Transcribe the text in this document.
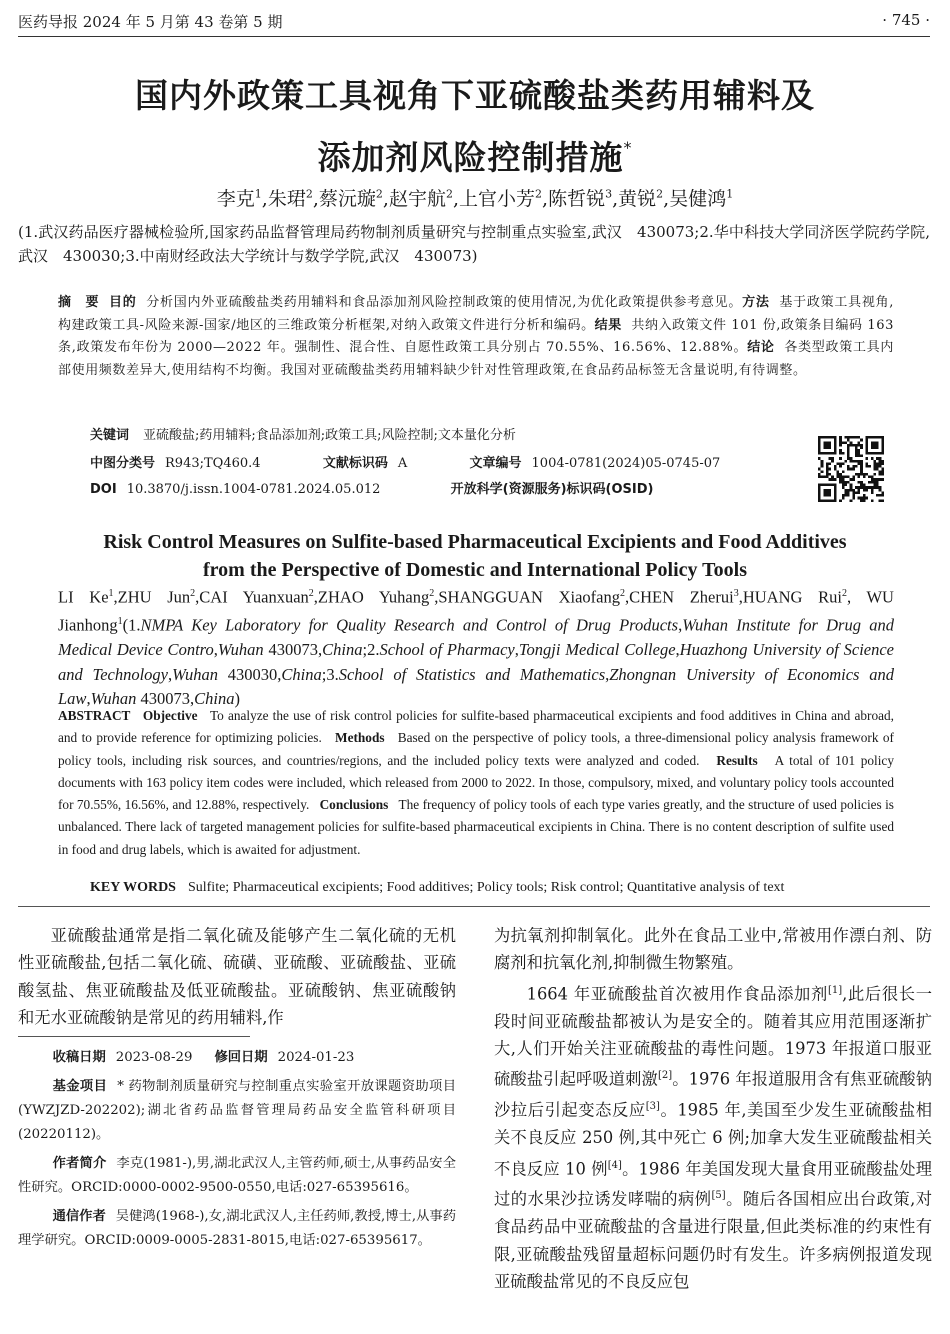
医药导报 2024 年 5 月第 43 卷第 5 期	· 745 ·
国内外政策工具视角下亚硫酸盐类药用辅料及
添加剂风险控制措施*
李克$^1$,朱珺$^2$,蔡沅璇$^2$,赵宇航$^2$,上官小芳$^2$,陈哲锐$^3$,黄锐$^2$,吴健鸿$^1$
(1.武汉药品医疗器械检验所,国家药品监督管理局药物制剂质量研究与控制重点实验室,武汉　430073;2.华中科技大学同济医学院药学院,武汉　430030;3.中南财经政法大学统计与数学学院,武汉　430073)
摘　要 目的 分析国内外亚硫酸盐类药用辅料和食品添加剂风险控制政策的使用情况,为优化政策提供参考意见。方法 基于政策工具视角,构建政策工具-风险来源-国家/地区的三维政策分析框架,对纳入政策文件进行分析和编码。结果 共纳入政策文件 101 份,政策条目编码 163 条,政策发布年份为 2000—2022 年。强制性、混合性、自愿性政策工具分别占 70.55%、16.56%、12.88%。结论 各类型政策工具内部使用频数差异大,使用结构不均衡。我国对亚硫酸盐类药用辅料缺少针对性管理政策,在食品药品标签无含量说明,有待调整。
关键词 亚硫酸盐;药用辅料;食品添加剂;政策工具;风险控制;文本量化分析
中图分类号 R943;TQ460.4	文献标识码 A	文章编号 1004-0781(2024)05-0745-07
DOI 10.3870/j.issn.1004-0781.2024.05.012	开放科学(资源服务)标识码(OSID)
Risk Control Measures on Sulfite-based Pharmaceutical Excipients and Food Additives
from the Perspective of Domestic and International Policy Tools
LI Ke$^1$,ZHU Jun$^2$,CAI Yuanxuan$^2$,ZHAO Yuhang$^2$,SHANGGUAN Xiaofang$^2$,CHEN Zherui$^3$,HUANG Rui$^2$, WU Jianhong$^1$(1.NMPA Key Laboratory for Quality Research and Control of Drug Products,Wuhan Institute for Drug and Medical Device Contro,Wuhan 430073,China;2.School of Pharmacy,Tongji Medical College,Huazhong University of Science and Technology,Wuhan 430030,China;3.School of Statistics and Mathematics,Zhongnan University of Economics and Law,Wuhan 430073,China)
ABSTRACT Objective To analyze the use of risk control policies for sulfite-based pharmaceutical excipients and food additives in China and abroad, and to provide reference for optimizing policies. Methods Based on the perspective of policy tools, a three-dimensional policy analysis framework of policy tools, including risk sources, and countries/regions, and the included policy texts were analyzed and coded. Results A total of 101 policy documents with 163 policy item codes were included, which released from 2000 to 2022. In those, compulsory, mixed, and voluntary policy tools accounted for 70.55%, 16.56%, and 12.88%, respectively. Conclusions The frequency of policy tools of each type varies greatly, and the structure of used policies is unbalanced. There lack of targeted management policies for sulfite-based pharmaceutical excipients in China. There is no content description of sulfite used in food and drug labels, which is awaited for adjustment.
KEY WORDS Sulfite; Pharmaceutical excipients; Food additives; Policy tools; Risk control; Quantitative analysis of text

亚硫酸盐通常是指二氧化硫及能够产生二氧化硫的无机性亚硫酸盐,包括二氧化硫、硫磺、亚硫酸、亚硫酸盐、亚硫酸氢盐、焦亚硫酸盐及低亚硫酸盐。亚硫酸钠、焦亚硫酸钠和无水亚硫酸钠是常见的药用辅料,作

收稿日期 2023-08-29 修回日期 2024-01-23

基金项目 * 药物制剂质量研究与控制重点实验室开放课题资助项目(YWZJZD-202202);湖北省药品监督管理局药品安全监管科研项目(20220112)。

作者简介 李克(1981-),男,湖北武汉人,主管药师,硕士,从事药品安全性研究。ORCID:0000-0002-9500-0550,电话:027-65395616。

通信作者 吴健鸿(1968-),女,湖北武汉人,主任药师,教授,博士,从事药理学研究。ORCID:0009-0005-2831-8015,电话:027-65395617。

为抗氧剂抑制氧化。此外在食品工业中,常被用作漂白剂、防腐剂和抗氧化剂,抑制微生物繁殖。

1664 年亚硫酸盐首次被用作食品添加剂[1],此后很长一段时间亚硫酸盐都被认为是安全的。随着其应用范围逐渐扩大,人们开始关注亚硫酸盐的毒性问题。1973 年报道口服亚硫酸盐引起呼吸道刺激[2]。1976 年报道服用含有焦亚硫酸钠沙拉后引起变态反应[3]。1985 年,美国至少发生亚硫酸盐相关不良反应 250 例,其中死亡 6 例;加拿大发生亚硫酸盐相关不良反应 10 例[4]。1986 年美国发现大量食用亚硫酸盐处理过的水果沙拉诱发哮喘的病例[5]。随后各国相应出台政策,对食品药品中亚硫酸盐的含量进行限量,但此类标准的约束性有限,亚硫酸盐残留量超标问题仍时有发生。许多病例报道发现亚硫酸盐常见的不良反应包
